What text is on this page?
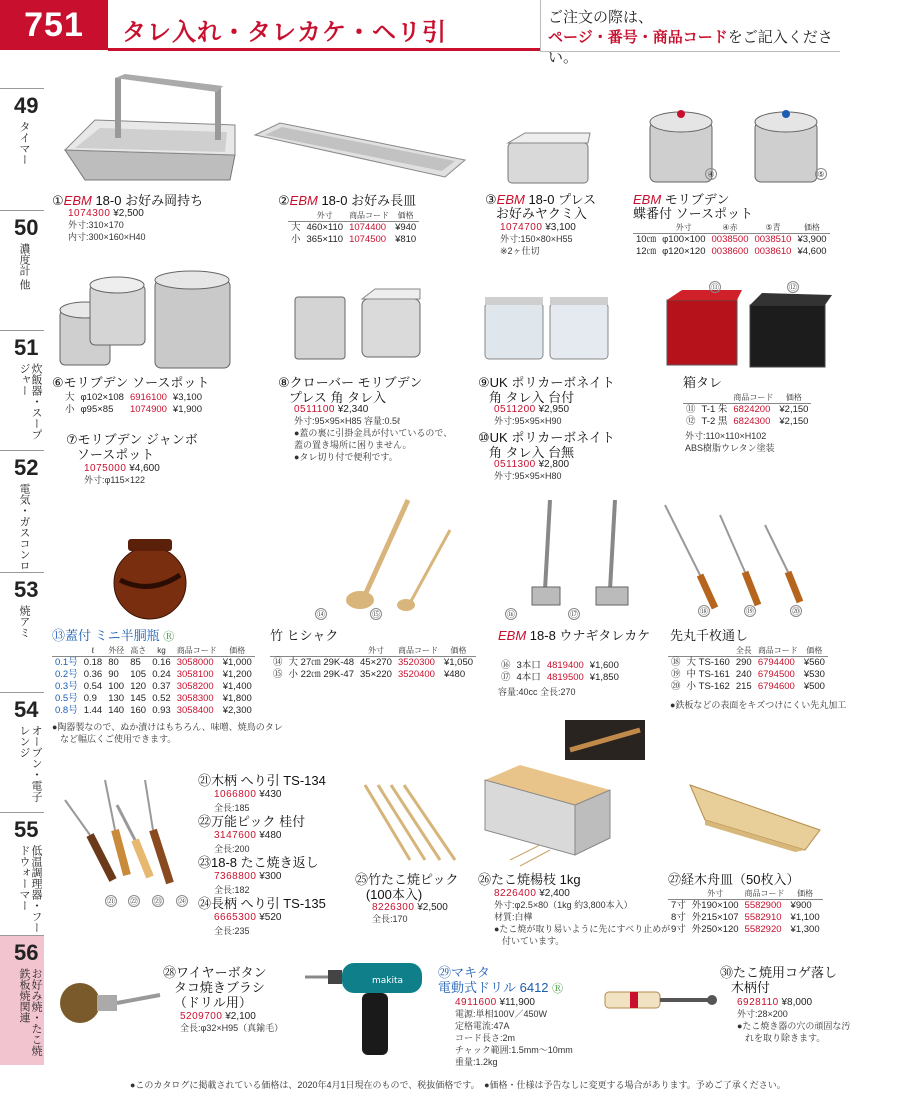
751	タレ入れ・タレカケ・ヘリ引
ご注文の際は、
ページ・番号・商品コードをご記入ください。
49
タイマー
50
濃度計 他
51
炊飯器・スープジャー
52
電気・ガスコンロ
53
焼アミ
54
オーブン・電子レンジ
55
低温調理器・フードウォーマー
56
お好み焼・たこ焼 鉄板焼関連
①EBM 18-0 お好み岡持ち
1074300 ¥2,500
外寸:310×170
内寸:300×160×H40
②EBM 18-0 お好み長皿
	外寸	商品コード	価格
大	460×110	1074400	¥940
小	365×110	1074500	¥810
③EBM 18-0 プレス
お好みヤクミ入
1074700 ¥3,100
外寸:150×80×H55
※2ヶ仕切
④	⑤
EBM モリブデン
蝶番付 ソースポット
	外寸	④赤	⑤青	価格
10㎝	φ100×100	0038500	0038510	¥3,900
12㎝	φ120×120	0038600	0038610	¥4,600
⑥モリブデン ソースポット
大	φ102×108	6916100	¥3,100
小	φ95×85	1074900	¥1,900
⑦モリブデン ジャンボ
ソースポット
1075000 ¥4,600
外寸:φ115×122
⑧クローバー モリブデン
プレス 角 タレ入
0511100 ¥2,340
外寸:95×95×H85 容量:0.5ℓ
●蓋の裏に引掛金具が付いているので、
蓋の置き場所に困りません。
●タレ切り付で便利です。
⑨UK ポリカーボネイト
角 タレ入 台付
0511200 ¥2,950
外寸:95×95×H90
⑩UK ポリカーボネイト
角 タレ入 台無
0511300 ¥2,800
外寸:95×95×H80
⑪	⑫
箱タレ
		商品コード	価格
⑪	T-1 朱	6824200	¥2,150
⑫	T-2 黒	6824300	¥2,150
外寸:110×110×H102
ABS樹脂ウレタン塗装
⑬蓋付 ミニ半胴瓶 Ⓡ
	ℓ	外径	高さ	kg	商品コード	価格
0.1号	0.18	80	85	0.16	3058000	¥1,000
0.2号	0.36	90	105	0.24	3058100	¥1,200
0.3号	0.54	100	120	0.37	3058200	¥1,400
0.5号	0.9	130	145	0.52	3058300	¥1,800
0.8号	1.44	140	160	0.93	3058400	¥2,300
●陶器製なので、ぬか漬けはもちろん、味噌、焼鳥のタレ
など幅広くご使用できます。
⑭	⑮
竹 ヒシャク
		外寸	商品コード	価格
⑭	大 27㎝ 29K-48	45×270	3520300	¥1,050
⑮	小 22㎝ 29K-47	35×220	3520400	¥480
⑯	⑰
EBM 18-8 ウナギタレカケ
⑯	3本口	4819400	¥1,600
⑰	4本口	4819500	¥1,850
容量:40cc 全長:270
⑱	⑲	⑳
先丸千枚通し
		全長	商品コード	価格
⑱	大 TS-160	290	6794400	¥560
⑲	中 TS-161	240	6794500	¥530
⑳	小 TS-162	215	6794600	¥500
●鉄板などの表面をキズつけにくい先丸加工
㉑ ㉒ ㉓ ㉔
㉑木柄 へり引 TS-134
1066800 ¥430
全長:185
㉒万能ピック 桂付
3147600 ¥480
全長:200
㉓18-8 たこ焼き返し
7368800 ¥300
全長:182
㉔長柄 へり引 TS-135
6665300 ¥520
全長:235
㉕竹たこ焼ピック
(100本入)
8226300 ¥2,500
全長:170
㉖たこ焼楊枝 1kg
8226400 ¥2,400
外寸:φ2.5×80（1kg 約3,800本入）
材質:白樺
●たこ焼が取り易いように先にすべり止めが
付いています。
㉗経木舟皿（50枚入）
	外寸	商品コード	価格
7寸	外190×100	5582900	¥900
8寸	外215×107	5582910	¥1,100
9寸	外250×120	5582920	¥1,300
㉘ワイヤーボタン
タコ焼きブラシ
（ドリル用）
5209700 ¥2,100
全長:φ32×H95（真鍮毛）
makita
㉙マキタ
電動式ドリル 6412 Ⓡ
4911600 ¥11,900
電源:単相100V／450W
定格電流:47A
コード長さ:2m
チャック範囲:1.5mm～10mm
重量:1.2kg
㉚たこ焼用コゲ落し
木柄付
6928110 ¥8,000
外寸:28×200
●たこ焼き器の穴の頑固な汚
れを取り除きます。
●このカタログに掲載されている価格は、2020年4月1日現在のもので、税抜価格です。　●価格・仕様は予告なしに変更する場合があります。予めご了承ください。
